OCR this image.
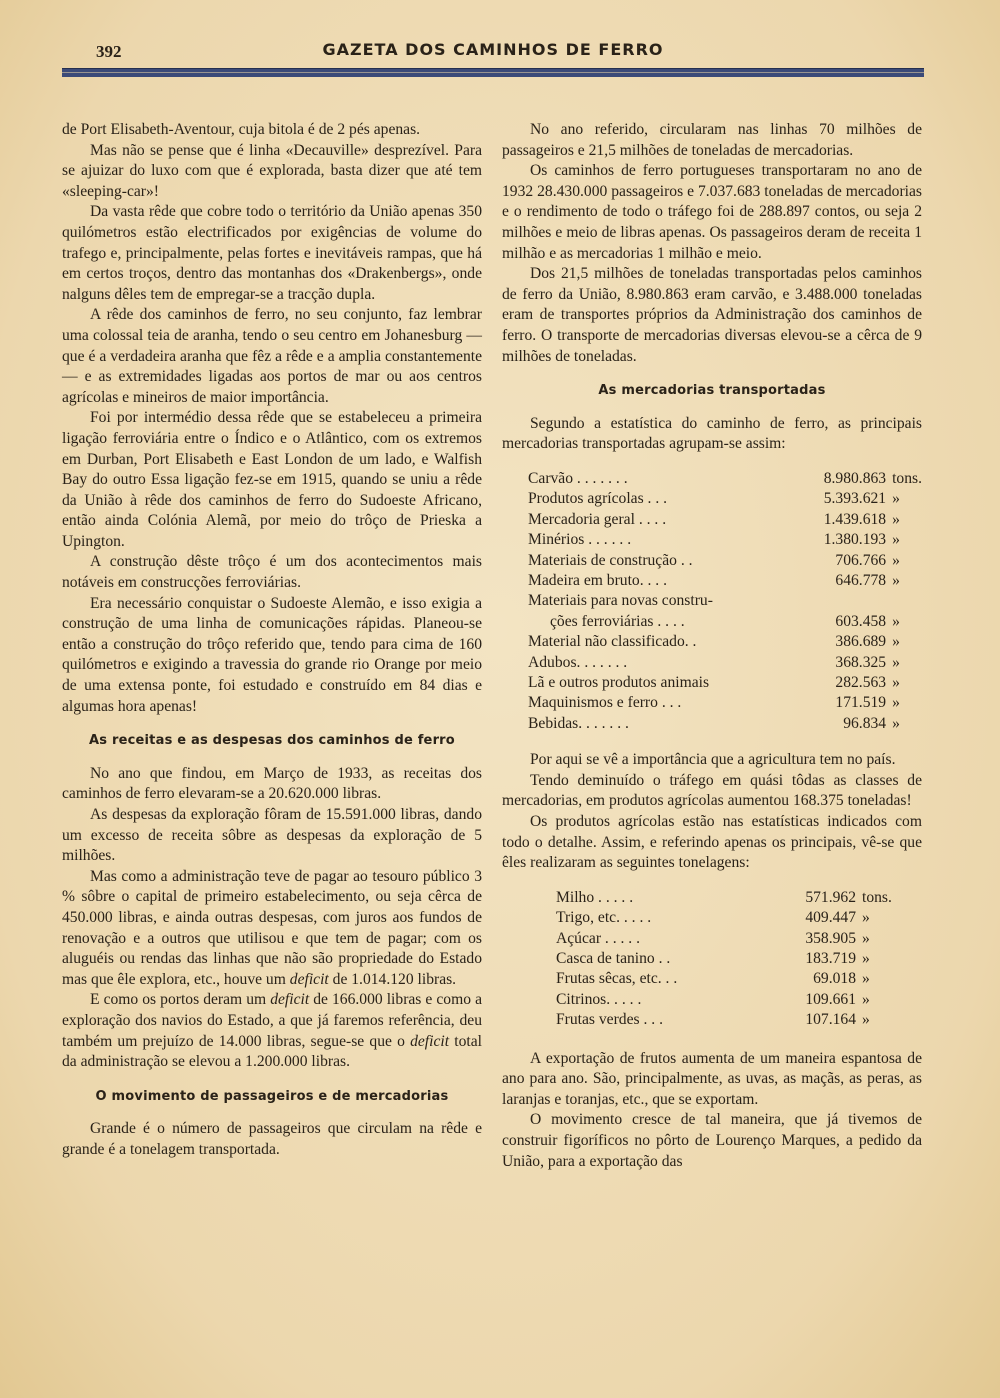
392	GAZETA DOS CAMINHOS DE FERRO

de Port Elisabeth-Aventour, cuja bitola é de 2 pés apenas.

Mas não se pense que é linha «Decauville» desprezível. Para se ajuizar do luxo com que é explorada, basta dizer que até tem «sleeping-car»!

Da vasta rêde que cobre todo o território da União apenas 350 quilómetros estão electrificados por exigências de volume do trafego e, principalmente, pelas fortes e inevitáveis rampas, que há em certos troços, dentro das montanhas dos «Drakenbergs», onde nalguns dêles tem de empregar-se a tracção dupla.

A rêde dos caminhos de ferro, no seu conjunto, faz lembrar uma colossal teia de aranha, tendo o seu centro em Johanesburg — que é a verdadeira aranha que fêz a rêde e a amplia constantemente — e as extremidades ligadas aos portos de mar ou aos centros agrícolas e mineiros de maior importância.

Foi por intermédio dessa rêde que se estabeleceu a primeira ligação ferroviária entre o Índico e o Atlântico, com os extremos em Durban, Port Elisabeth e East London de um lado, e Walfish Bay do outro Essa ligação fez-se em 1915, quando se uniu a rêde da União à rêde dos caminhos de ferro do Sudoeste Africano, então ainda Colónia Alemã, por meio do trôço de Prieska a Upington.

A construção dêste trôço é um dos acontecimentos mais notáveis em construcções ferroviárias.

Era necessário conquistar o Sudoeste Alemão, e isso exigia a construção de uma linha de comunicações rápidas. Planeou-se então a construção do trôço referido que, tendo para cima de 160 quilómetros e exigindo a travessia do grande rio Orange por meio de uma extensa ponte, foi estudado e construído em 84 dias e algumas hora apenas!

As receitas e as despesas dos caminhos de ferro

No ano que findou, em Março de 1933, as receitas dos caminhos de ferro elevaram-se a 20.620.000 libras.

As despesas da exploração fôram de 15.591.000 libras, dando um excesso de receita sôbre as despesas da exploração de 5 milhões.

Mas como a administração teve de pagar ao tesouro público 3 % sôbre o capital de primeiro estabelecimento, ou seja cêrca de 450.000 libras, e ainda outras despesas, com juros aos fundos de renovação e a outros que utilisou e que tem de pagar; com os aluguéis ou rendas das linhas que não são propriedade do Estado mas que êle explora, etc., houve um deficit de 1.014.120 libras.

E como os portos deram um deficit de 166.000 libras e como a exploração dos navios do Estado, a que já faremos referência, deu também um prejuízo de 14.000 libras, segue-se que o deficit total da administração se elevou a 1.200.000 libras.

O movimento de passageiros e de mercadorias

Grande é o número de passageiros que circulam na rêde e grande é a tonelagem transportada.

No ano referido, circularam nas linhas 70 milhões de passageiros e 21,5 milhões de toneladas de mercadorias.

Os caminhos de ferro portugueses transportaram no ano de 1932 28.430.000 passageiros e 7.037.683 toneladas de mercadorias e o rendimento de todo o tráfego foi de 288.897 contos, ou seja 2 milhões e meio de libras apenas. Os passageiros deram de receita 1 milhão e as mercadorias 1 milhão e meio.

Dos 21,5 milhões de toneladas transportadas pelos caminhos de ferro da União, 8.980.863 eram carvão, e 3.488.000 toneladas eram de transportes próprios da Administração dos caminhos de ferro. O transporte de mercadorias diversas elevou-se a cêrca de 9 milhões de toneladas.

As mercadorias transportadas

Segundo a estatística do caminho de ferro, as principais mercadorias transportadas agrupam-se assim:

Carvão . . . . . . .	8.980.863	tons.
Produtos agrícolas . . .	5.393.621	»
Mercadoria geral . . . .	1.439.618	»
Minérios . . . . . .	1.380.193	»
Materiais de construção . .	706.766	»
Madeira em bruto. . . .	646.778	»
Materiais para novas constru-		
ções ferroviárias . . . .	603.458	»
Material não classificado. .	386.689	»
Adubos. . . . . . .	368.325	»
Lã e outros produtos animais	282.563	»
Maquinismos e ferro . . .	171.519	»
Bebidas. . . . . . .	96.834	»

Por aqui se vê a importância que a agricultura tem no país.

Tendo deminuído o tráfego em quási tôdas as classes de mercadorias, em produtos agrícolas aumentou 168.375 toneladas!

Os produtos agrícolas estão nas estatísticas indicados com todo o detalhe. Assim, e referindo apenas os principais, vê-se que êles realizaram as seguintes tonelagens:

Milho . . . . .	571.962	tons.
Trigo, etc. . . . .	409.447	»
Açúcar . . . . .	358.905	»
Casca de tanino . .	183.719	»
Frutas sêcas, etc. . .	69.018	»
Citrinos. . . . .	109.661	»
Frutas verdes . . .	107.164	»

A exportação de frutos aumenta de um maneira espantosa de ano para ano. São, principalmente, as uvas, as maçãs, as peras, as laranjas e toranjas, etc., que se exportam.

O movimento cresce de tal maneira, que já tivemos de construir figoríficos no pôrto de Lourenço Marques, a pedido da União, para a exportação das
